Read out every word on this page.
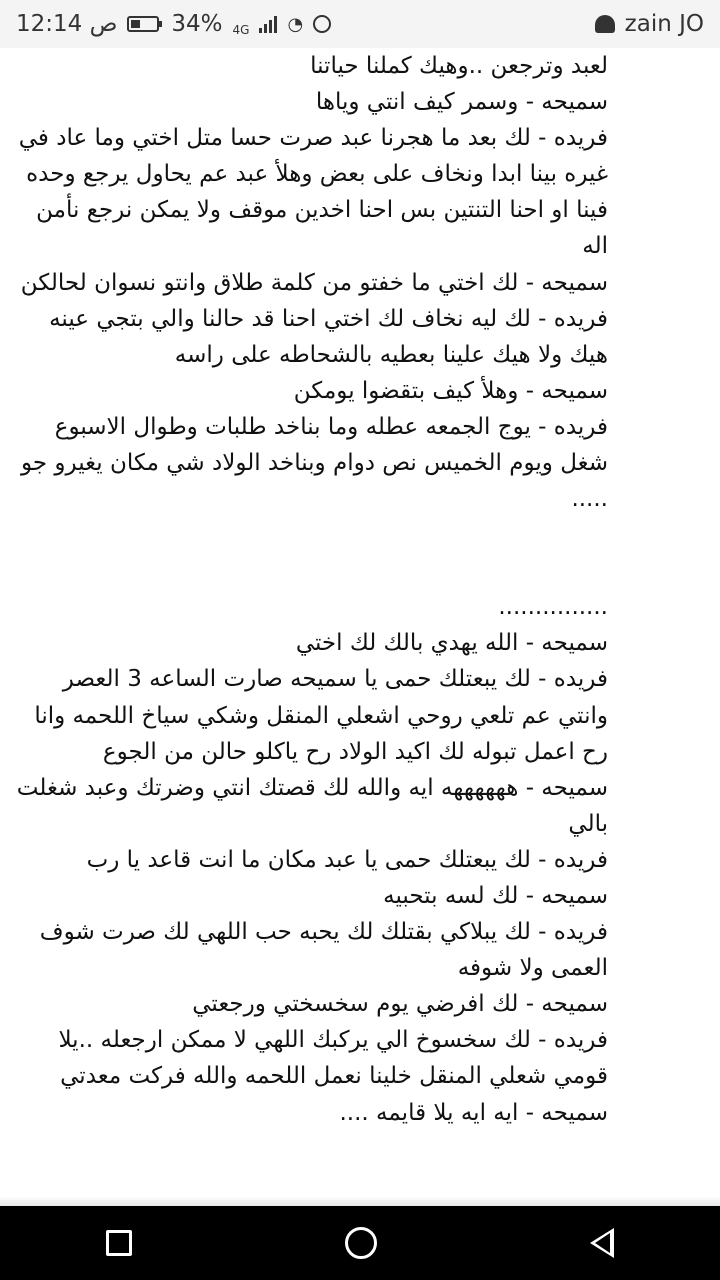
12:14 ص 34% 4G ◔	zain JO

لعبد وترجعن ..وهيك كملنا حياتنا

سميحه - وسمر كيف انتي وياها

فريده - لك بعد ما هجرنا عبد صرت حسا متل اختي وما عاد في غيره بينا ابدا ونخاف على بعض وهلأ عبد عم يحاول يرجع وحده فينا او احنا التنتين بس احنا اخدين موقف ولا يمكن نرجع نأمن اله

سميحه - لك اختي ما خفتو من كلمة طلاق وانتو نسوان لحالكن

فريده - لك ليه نخاف لك اختي احنا قد حالنا والي بتجي عينه هيك ولا هيك علينا بعطيه بالشحاطه على راسه

سميحه - وهلأ كيف بتقضوا يومكن

فريده - يوج الجمعه عطله وما بناخد طلبات وطوال الاسبوع شغل ويوم الخميس نص دوام وبناخد الولاد شي مكان يغيرو جو .....

...............

سميحه - الله يهدي بالك لك اختي

فريده - لك يبعتلك حمى يا سميحه صارت الساعه 3 العصر وانتي عم تلعي روحي اشعلي المنقل وشكي سياخ اللحمه وانا رح اعمل تبوله لك اكيد الولاد رح ياكلو حالن من الجوع

سميحه - ههههههه ايه والله لك قصتك انتي وضرتك وعبد شغلت بالي

فريده - لك يبعتلك حمى يا عبد مكان ما انت قاعد يا رب

سميحه - لك لسه بتحبيه

فريده - لك يبلاكي بقتلك لك يحبه حب اللهي لك صرت شوف العمى ولا شوفه

سميحه - لك افرضي يوم سخسختي ورجعتي

فريده - لك سخسوخ الي يركبك اللهي لا ممكن ارجعله ..يلا قومي شعلي المنقل خلينا نعمل اللحمه والله فركت معدتي

سميحه - ايه ايه يلا قايمه ....
